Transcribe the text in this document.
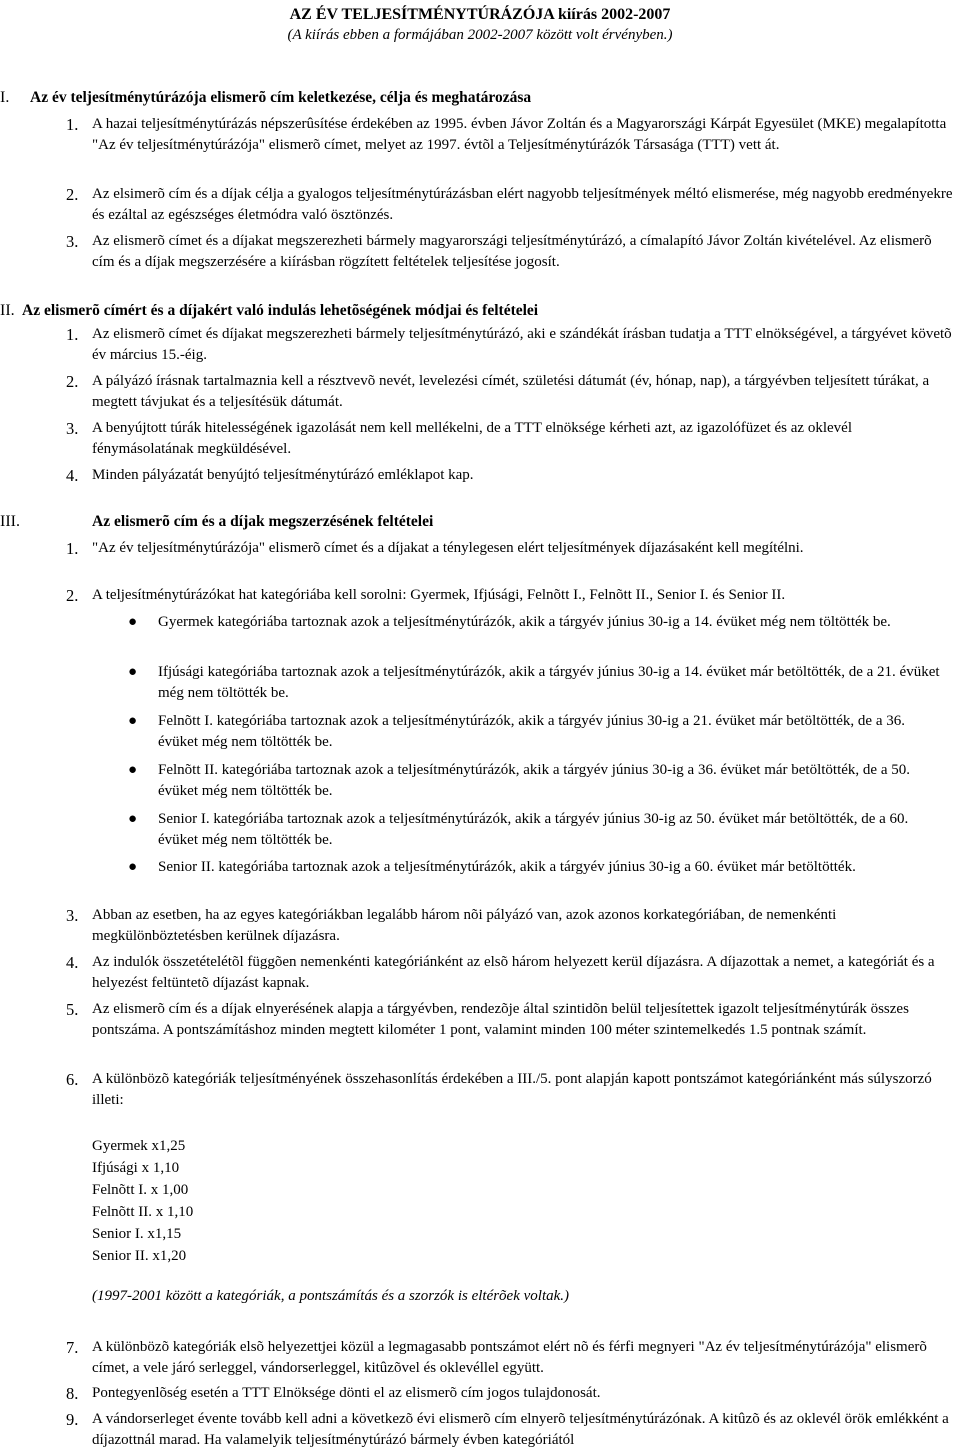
AZ ÉV TELJESÍTMÉNYTÚRÁZÓJA kiírás 2002-2007
(A kiírás ebben a formájában 2002-2007 között volt érvényben.)
I. Az év teljesítménytúrázója elismerõ cím keletkezése, célja és meghatározása
1. A hazai teljesítménytúrázás népszerûsítése érdekében az 1995. évben Jávor Zoltán és a Magyarországi Kárpát Egyesület (MKE) megalapította "Az év teljesítménytúrázója" elismerõ címet, melyet az 1997. évtõl a Teljesítménytúrázók Társasága (TTT) vett át.
2. Az elsimerõ cím és a díjak célja a gyalogos teljesítménytúrázásban elért nagyobb teljesítmények méltó elismerése, még nagyobb eredményekre és ezáltal az egészséges életmódra való ösztönzés.
3. Az elismerõ címet és a díjakat megszerezheti bármely magyarországi teljesítménytúrázó, a címalapító Jávor Zoltán kivételével. Az elismerõ cím és a díjak megszerzésére a kiírásban rögzített feltételek teljesítése jogosít.
II. Az elismerõ címért és a díjakért való indulás lehetõségének módjai és feltételei
1. Az elismerõ címet és díjakat megszerezheti bármely teljesítménytúrázó, aki e szándékát írásban tudatja a TTT elnökségével, a tárgyévet követõ év március 15.-éig.
2. A pályázó írásnak tartalmaznia kell a résztvevõ nevét, levelezési címét, születési dátumát (év, hónap, nap), a tárgyévben teljesített túrákat, a megtett távjukat és a teljesítésük dátumát.
3. A benyújtott túrák hitelességének igazolását nem kell mellékelni, de a TTT elnöksége kérheti azt, az igazolófüzet és az oklevél fénymásolatának megküldésével.
4. Minden pályázatát benyújtó teljesítménytúrázó emléklapot kap.
III.	Az elismerõ cím és a díjak megszerzésének feltételei
1. "Az év teljesítménytúrázója" elismerõ címet és a díjakat a ténylegesen elért teljesítmények díjazásaként kell megítélni.
2. A teljesítménytúrázókat hat kategóriába kell sorolni: Gyermek, Ifjúsági, Felnõtt I., Felnõtt II., Senior I. és Senior II.
● Gyermek kategóriába tartoznak azok a teljesítménytúrázók, akik a tárgyév június 30-ig a 14. évüket még nem töltötték be.
● Ifjúsági kategóriába tartoznak azok a teljesítménytúrázók, akik a tárgyév június 30-ig a 14. évüket már betöltötték, de a 21. évüket még nem töltötték be.
● Felnõtt I. kategóriába tartoznak azok a teljesítménytúrázók, akik a tárgyév június 30-ig a 21. évüket már betöltötték, de a 36. évüket még nem töltötték be.
● Felnõtt II. kategóriába tartoznak azok a teljesítménytúrázók, akik a tárgyév június 30-ig a 36. évüket már betöltötték, de a 50. évüket még nem töltötték be.
● Senior I. kategóriába tartoznak azok a teljesítménytúrázók, akik a tárgyév június 30-ig az 50. évüket már betöltötték, de a 60. évüket még nem töltötték be.
● Senior II. kategóriába tartoznak azok a teljesítménytúrázók, akik a tárgyév június 30-ig a 60. évüket már betöltötték.
3. Abban az esetben, ha az egyes kategóriákban legalább három nõi pályázó van, azok azonos korkategóriában, de nemenkénti megkülönböztetésben kerülnek díjazásra.
4. Az indulók összetételétõl függõen nemenkénti kategóriánként az elsõ három helyezett kerül díjazásra. A díjazottak a nemet, a kategóriát és a helyezést feltüntetõ díjazást kapnak.
5. Az elismerõ cím és a díjak elnyerésének alapja a tárgyévben, rendezõje által szintidõn belül teljesítettek igazolt teljesítménytúrák összes pontszáma. A pontszámításhoz minden megtett kilométer 1 pont, valamint minden 100 méter szintemelkedés 1.5 pontnak számít.
6. A különbözõ kategóriák teljesítményének összehasonlítás érdekében a III./5. pont alapján kapott pontszámot kategóriánként más súlyszorzó illeti:
Gyermek x1,25
Ifjúsági x 1,10
Felnõtt I. x 1,00
Felnõtt II. x 1,10
Senior I. x1,15
Senior II. x1,20
(1997-2001 között a kategóriák, a pontszámítás és a szorzók is eltérõek voltak.)
7. A különbözõ kategóriák elsõ helyezettjei közül a legmagasabb pontszámot elért nõ és férfi megnyeri "Az év teljesítménytúrázója" elismerõ címet, a vele járó serleggel, vándorserleggel, kitûzõvel és oklevéllel együtt.
8. Pontegyenlõség esetén a TTT Elnöksége dönti el az elismerõ cím jogos tulajdonosát.
9. A vándorserleget évente tovább kell adni a következõ évi elismerõ cím elnyerõ teljesítménytúrázónak. A kitûzõ és az oklevél örök emlékként a díjazottnál marad. Ha valamelyik teljesítménytúrázó bármely évben kategóriától
